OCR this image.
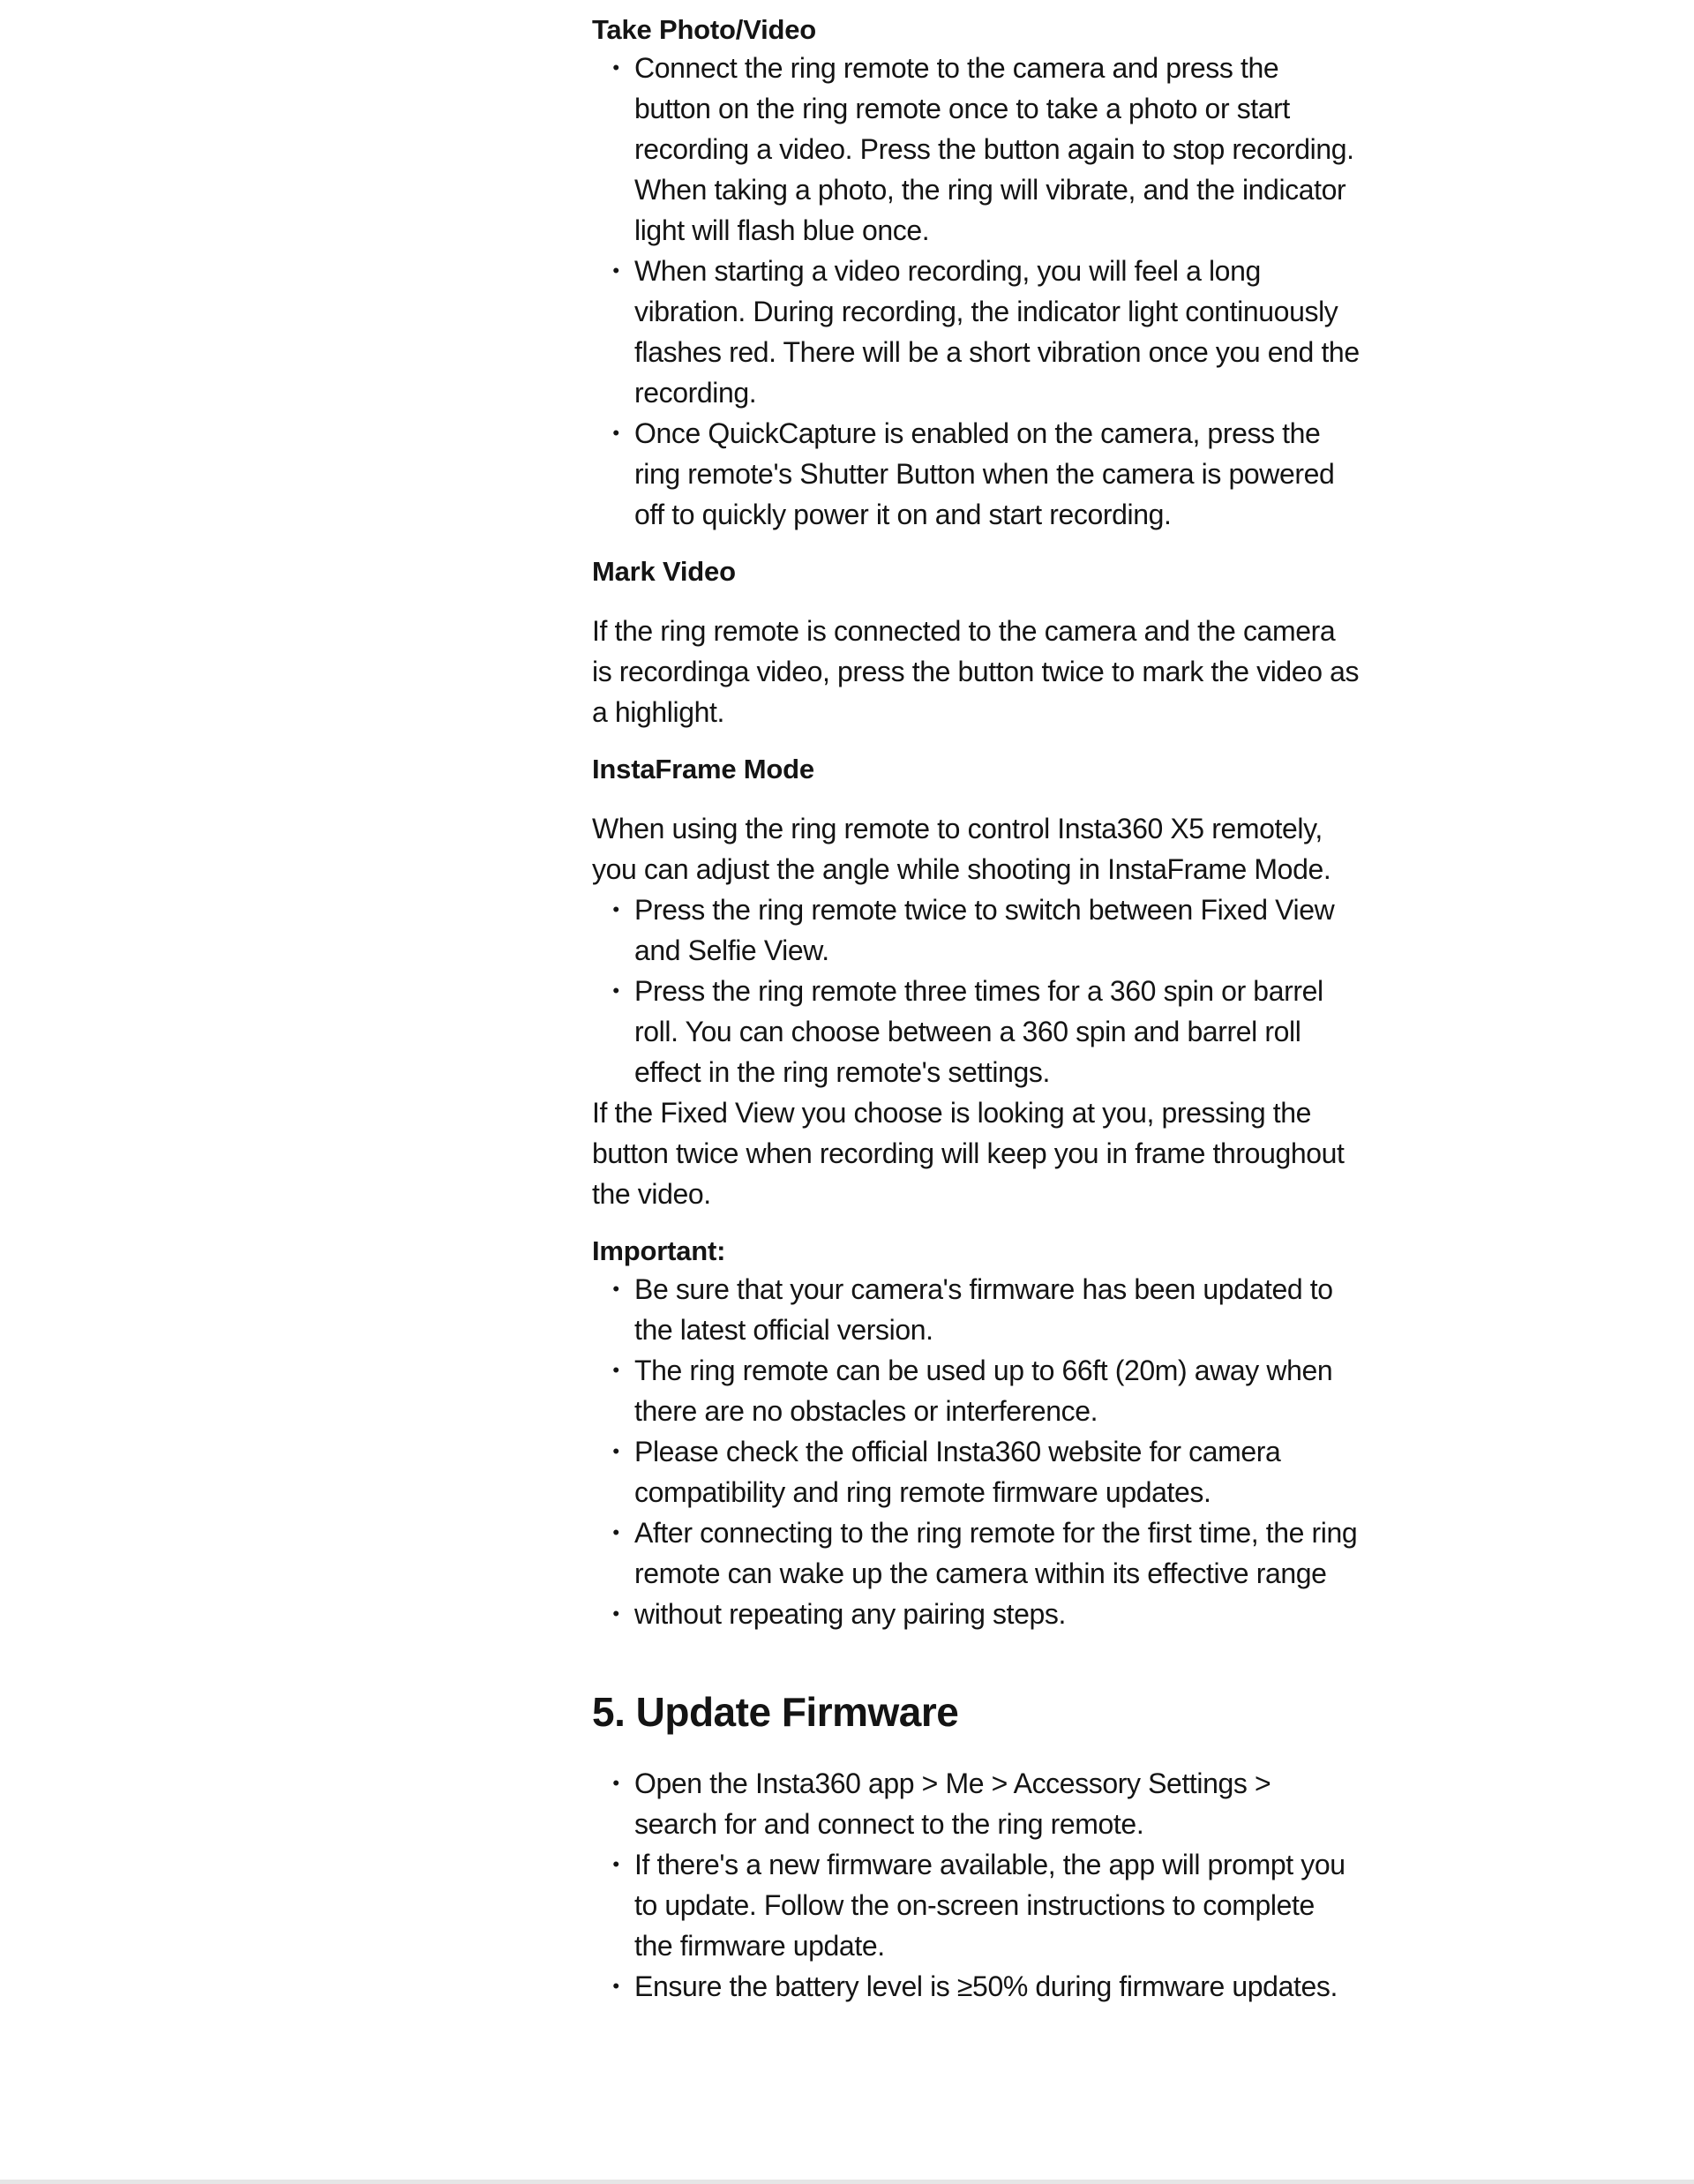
Take Photo/Video
• Connect the ring remote to the camera and press the button on the ring remote once to take a photo or start recording a video. Press the button again to stop recording. When taking a photo, the ring will vibrate, and the indicator light will flash blue once.
• When starting a video recording, you will feel a long vibration. During recording, the indicator light continuously flashes red. There will be a short vibration once you end the recording.
• Once QuickCapture is enabled on the camera, press the ring remote's Shutter Button when the camera is powered off to quickly power it on and start recording.
Mark Video

If the ring remote is connected to the camera and the camera is recordinga video, press the button twice to mark the video as a highlight.

InstaFrame Mode

When using the ring remote to control Insta360 X5 remotely, you can adjust the angle while shooting in InstaFrame Mode.

• Press the ring remote twice to switch between Fixed View and Selfie View.
• Press the ring remote three times for a 360 spin or barrel roll. You can choose between a 360 spin and barrel roll effect in the ring remote's settings.

If the Fixed View you choose is looking at you, pressing the button twice when recording will keep you in frame throughout the video.

Important:
• Be sure that your camera's firmware has been updated to the latest official version.
• The ring remote can be used up to 66ft (20m) away when there are no obstacles or interference.
• Please check the official Insta360 website for camera compatibility and ring remote firmware updates.
• After connecting to the ring remote for the first time, the ring remote can wake up the camera within its effective range
• without repeating any pairing steps.
5. Update Firmware
• Open the Insta360 app > Me > Accessory Settings > search for and connect to the ring remote.
• If there's a new firmware available, the app will prompt you to update. Follow the on-screen instructions to complete the firmware update.
• Ensure the battery level is ≥50% during firmware updates.
